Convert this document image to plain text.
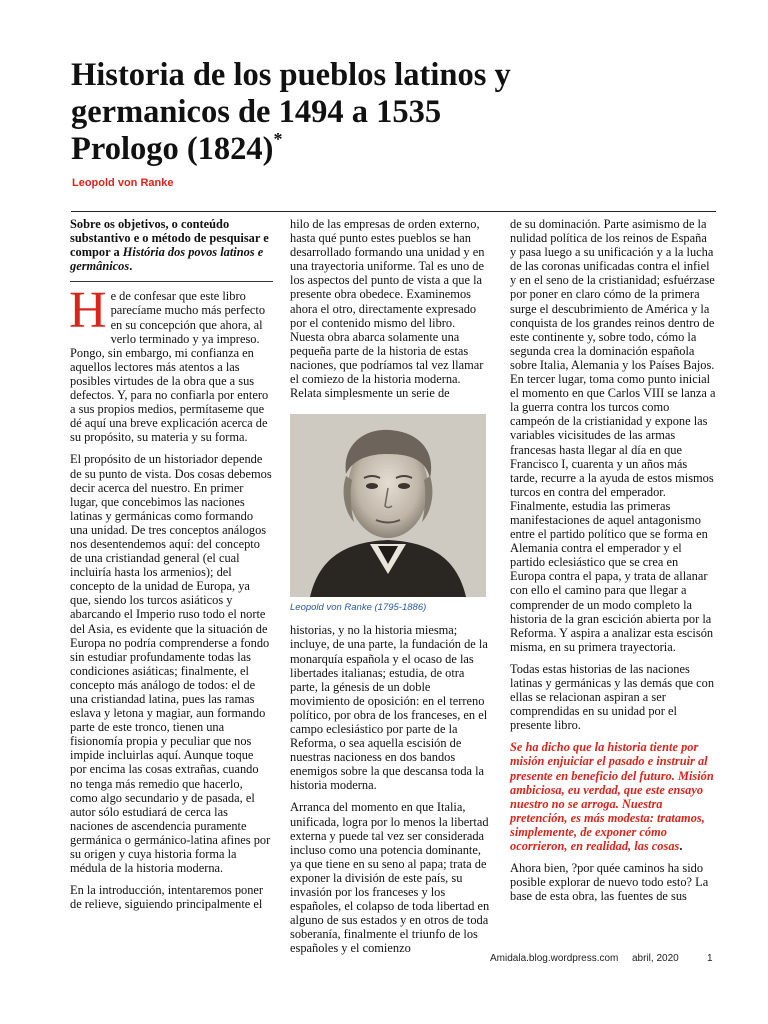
Historia de los pueblos latinos y
germanicos de 1494 a 1535
Prologo (1824)*
Leopold von Ranke

Sobre os objetivos, o conteúdo substantivo e o método de pesquisar e compor a História dos povos latinos e germânicos.

He de confesar que este libro parecíame mucho más perfecto en su concepción que ahora, al verlo terminado y ya impreso. Pongo, sin embargo, mi confianza en aquellos lectores más atentos a las posibles virtudes de la obra que a sus defectos. Y, para no confiarla por entero a sus propios medios, permítaseme que dé aquí una breve explicación acerca de su propósito, su materia y su forma.

El propósito de un historiador depende de su punto de vista. Dos cosas debemos decir acerca del nuestro. En primer lugar, que concebimos las naciones latinas y germánicas como formando una unidad. De tres conceptos análogos nos desentendemos aquí: del concepto de una cristiandad general (el cual incluiría hasta los armenios); del concepto de la unidad de Europa, ya que, siendo los turcos asiáticos y abarcando el Imperio ruso todo el norte del Asia, es evidente que la situación de Europa no podría comprenderse a fondo sin estudiar profundamente todas las condiciones asiáticas; finalmente, el concepto más análogo de todos: el de una cristiandad latina, pues las ramas eslava y letona y magiar, aun formando parte de este tronco, tienen una fisionomía propia y peculiar que nos impide incluirlas aquí. Aunque toque por encima las cosas extrañas, cuando no tenga más remedio que hacerlo, como algo secundario y de pasada, el autor sólo estudiará de cerca las naciones de ascendencia puramente germánica o germánico-latina afines por su origen y cuya historia forma la médula de la historia moderna.

En la introducción, intentaremos poner de relieve, siguiendo principalmente el

hilo de las empresas de orden externo, hasta qué punto estes pueblos se han desarrollado formando una unidad y en una trayectoria uniforme. Tal es uno de los aspectos del punto de vista a que la presente obra obedece. Examinemos ahora el otro, directamente expresado por el contenido mismo del libro. Nuesta obra abarca solamente una pequeña parte de la historia de estas naciones, que podríamos tal vez llamar el comiezo de la historia moderna. Relata simplesmente un serie de

Leopold von Ranke (1795-1886)

historias, y no la historia miesma; incluye, de una parte, la fundación de la monarquía española y el ocaso de las libertades italianas; estudia, de otra parte, la génesis de un doble movimiento de oposición: en el terreno político, por obra de los franceses, en el campo eclesiástico por parte de la Reforma, o sea aquella escisión de nuestras nacioness en dos bandos enemigos sobre la que descansa toda la historia moderna.

Arranca del momento en que Italia, unificada, logra por lo menos la libertad externa y puede tal vez ser considerada incluso como una potencia dominante, ya que tiene en su seno al papa; trata de exponer la división de este país, su invasión por los franceses y los españoles, el colapso de toda libertad en alguno de sus estados y en otros de toda soberanía, finalmente el triunfo de los españoles y el comienzo

de su dominación. Parte asimismo de la nulidad política de los reinos de España y pasa luego a su unificación y a la lucha de las coronas unificadas contra el infiel y en el seno de la cristianidad; esfuérzase por poner en claro cómo de la primera surge el descubrimiento de América y la conquista de los grandes reinos dentro de este continente y, sobre todo, cómo la segunda crea la dominación española sobre Italia, Alemania y los Países Bajos. En tercer lugar, toma como punto inicial el momento en que Carlos VIII se lanza a la guerra contra los turcos como campeón de la cristianidad y expone las variables vicisitudes de las armas francesas hasta llegar al día en que Francisco I, cuarenta y un años más tarde, recurre a la ayuda de estos mismos turcos en contra del emperador. Finalmente, estudia las primeras manifestaciones de aquel antagonismo entre el partido político que se forma en Alemania contra el emperador y el partido eclesiástico que se crea en Europa contra el papa, y trata de allanar con ello el camino para que llegar a comprender de un modo completo la historia de la gran escición abierta por la Reforma. Y aspira a analizar esta escisón misma, en su primera trayectoria.

Todas estas historias de las naciones latinas y germánicas y las demás que con ellas se relacionan aspiran a ser comprendidas en su unidad por el presente libro.

Se ha dicho que la historia tiente por misión enjuiciar el pasado e instruir al presente en beneficio del futuro. Misión ambiciosa, eu verdad, que este ensayo nuestro no se arroga. Nuestra pretención, es más modesta: tratamos, simplemente, de exponer cómo ocorrieron, en realidad, las cosas.

Ahora bien, ?por quée caminos ha sido posible explorar de nuevo todo esto? La base de esta obra, las fuentes de sus

Amidala.blog.wordpress.com abril, 2020	1
